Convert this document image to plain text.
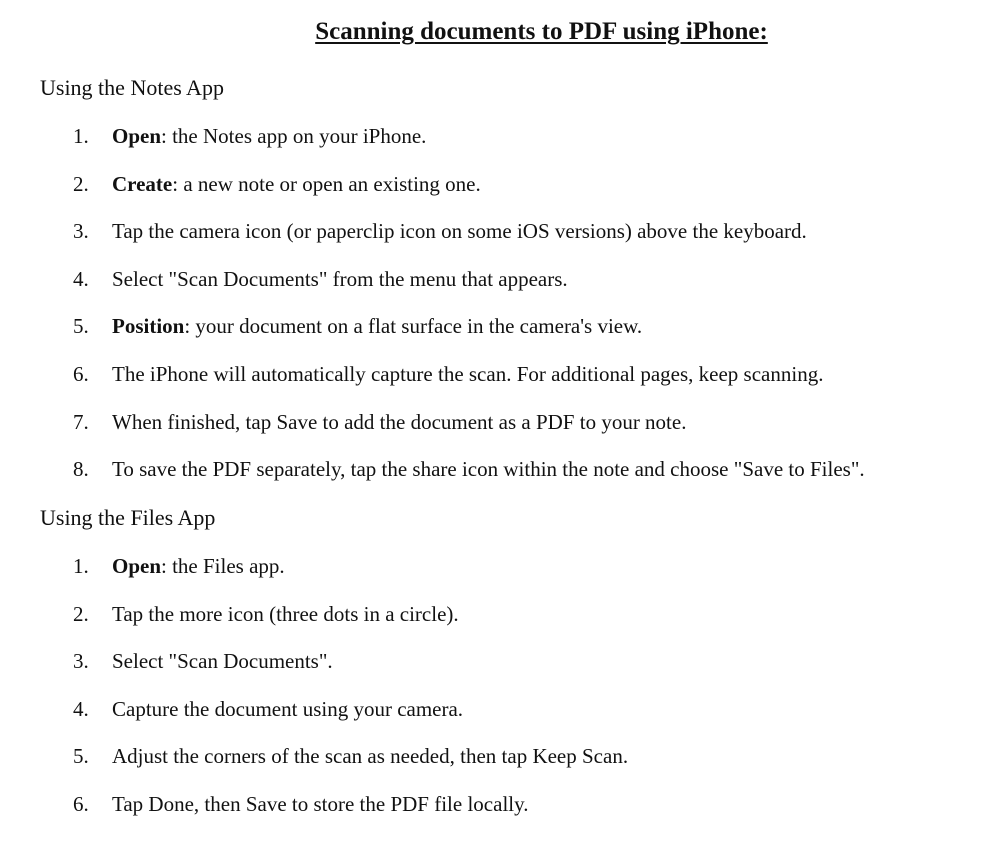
Scanning documents to PDF using iPhone:
Using the Notes App
1. Open: the Notes app on your iPhone.
2. Create: a new note or open an existing one.
3. Tap the camera icon (or paperclip icon on some iOS versions) above the keyboard.
4. Select "Scan Documents" from the menu that appears.
5. Position: your document on a flat surface in the camera's view.
6. The iPhone will automatically capture the scan. For additional pages, keep scanning.
7. When finished, tap Save to add the document as a PDF to your note.
8. To save the PDF separately, tap the share icon within the note and choose "Save to Files".
Using the Files App
1. Open: the Files app.
2. Tap the more icon (three dots in a circle).
3. Select "Scan Documents".
4. Capture the document using your camera.
5. Adjust the corners of the scan as needed, then tap Keep Scan.
6. Tap Done, then Save to store the PDF file locally.
